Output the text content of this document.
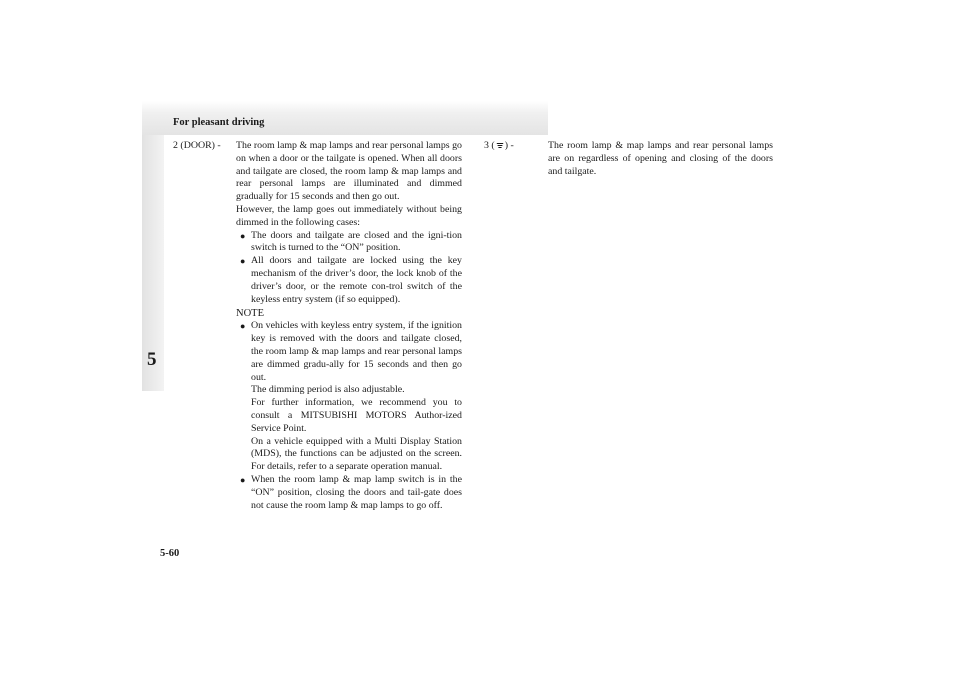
For pleasant driving
5
2 (DOOR) - The room lamp & map lamps and rear personal lamps go on when a door or the tailgate is opened. When all doors and tailgate are closed, the room lamp & map lamps and rear personal lamps are illuminated and dimmed gradually for 15 seconds and then go out.

However, the lamp goes out immediately without being dimmed in the following cases:

● The doors and tailgate are closed and the igni-tion switch is turned to the “ON” position.

● All doors and tailgate are locked using the key mechanism of the driver’s door, the lock knob of the driver’s door, or the remote con-trol switch of the keyless entry system (if so equipped).

NOTE
● On vehicles with keyless entry system, if the ignition key is removed with the doors and tailgate closed, the room lamp & map lamps and rear personal lamps are dimmed gradu-ally for 15 seconds and then go out.

The dimming period is also adjustable.

For further information, we recommend you to consult a MITSUBISHI MOTORS Author-ized Service Point.

On a vehicle equipped with a Multi Display Station (MDS), the functions can be adjusted on the screen. For details, refer to a separate operation manual.

● When the room lamp & map lamp switch is in the “ON” position, closing the doors and tail-gate does not cause the room lamp & map lamps to go off.

3 ( ) -	The room lamp & map lamps and rear personal lamps are on regardless of opening and closing of the doors and tailgate.

5-60
